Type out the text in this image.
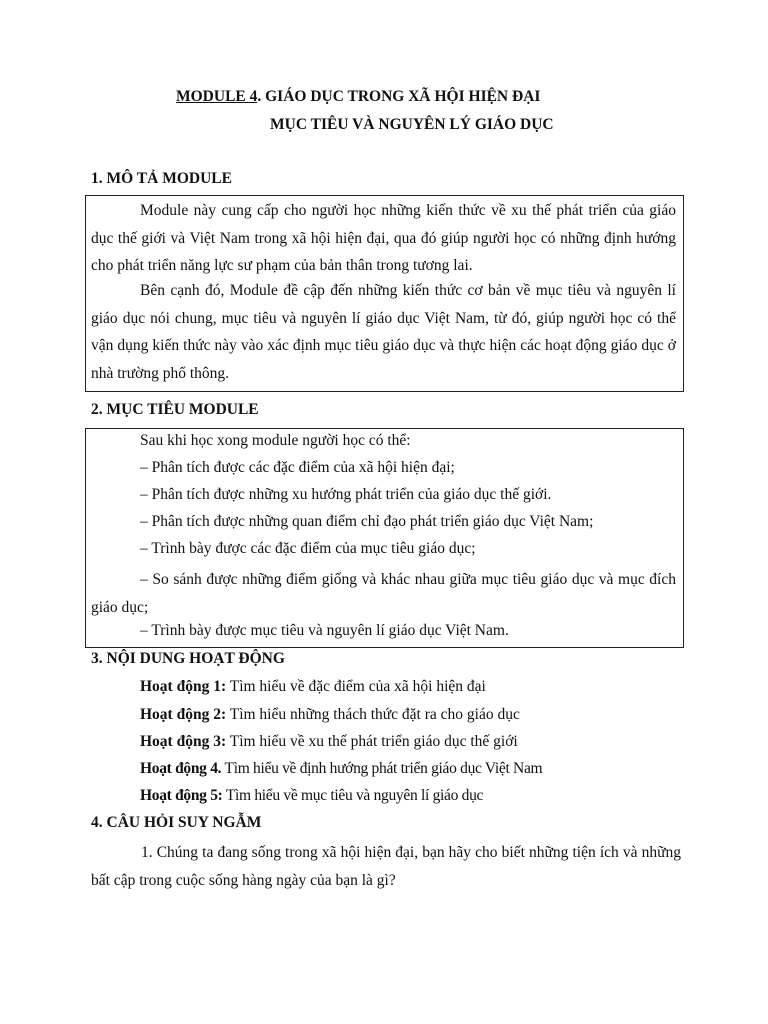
MODULE 4. GIÁO DỤC TRONG XÃ HỘI HIỆN ĐẠI
MỤC TIÊU VÀ NGUYÊN LÝ GIÁO DỤC
1. MÔ TẢ MODULE
Module này cung cấp cho người học những kiến thức về xu thế phát triển của giáo dục thế giới và Việt Nam trong xã hội hiện đại, qua đó giúp người học có những định hướng cho phát triển năng lực sư phạm của bản thân trong tương lai.
Bên cạnh đó, Module đề cập đến những kiến thức cơ bản về mục tiêu và nguyên lí giáo dục nói chung, mục tiêu và nguyên lí giáo dục Việt Nam, từ đó, giúp người học có thể vận dụng kiến thức này vào xác định mục tiêu giáo dục và thực hiện các hoạt động giáo dục ở nhà trường phổ thông.
2. MỤC TIÊU MODULE
Sau khi học xong module người học có thể:
– Phân tích được các đặc điểm của xã hội hiện đại;
– Phân tích được những xu hướng phát triển của giáo dục thế giới.
– Phân tích được những quan điểm chỉ đạo phát triển giáo dục Việt Nam;
– Trình bày được các đặc điểm của mục tiêu giáo dục;
– So sánh được những điểm giống và khác nhau giữa mục tiêu giáo dục và mục đích giáo dục;
– Trình bày được mục tiêu và nguyên lí giáo dục Việt Nam.
3. NỘI DUNG HOẠT ĐỘNG
Hoạt động 1: Tìm hiểu về đặc điểm của xã hội hiện đại
Hoạt động 2: Tìm hiểu những thách thức đặt ra cho giáo dục
Hoạt động 3: Tìm hiểu về xu thế phát triển giáo dục thế giới
Hoạt động 4. Tìm hiểu về định hướng phát triển giáo dục Việt Nam
Hoạt động 5: Tìm hiểu về mục tiêu và nguyên lí giáo dục
4. CÂU HỎI SUY NGẪM
1. Chúng ta đang sống trong xã hội hiện đại, bạn hãy cho biết những tiện ích và những bất cập trong cuộc sống hàng ngày của bạn là gì?
